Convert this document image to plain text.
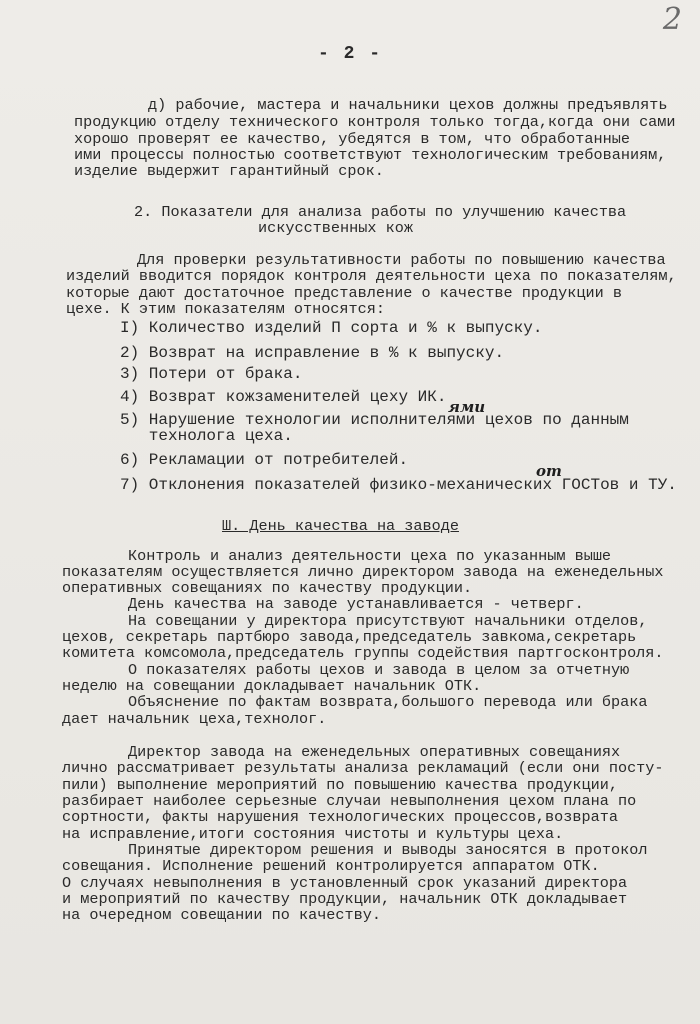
2
- 2 -
д) рабочие, мастера и начальники цехов должны предъявлять
продукцию отделу технического контроля только тогда,когда они сами
хорошо проверят ее качество, убедятся в том, что обработанные
ими процессы полностью соответствуют технологическим требованиям,
изделие выдержит гарантийный срок.
2. Показатели для анализа работы по улучшению качества
искусственных кож
Для проверки результативности работы по повышению качества
изделий вводится порядок контроля деятельности цеха по показателям,
которые дают достаточное представление о качестве продукции в
цехе. К этим показателям относятся:
I) Количество изделий П сорта и % к выпуску.
2) Возврат на исправление в % к выпуску.
3) Потери от брака.
4) Возврат кожзаменителей цеху ИК.
5) Нарушение технологии исполнителями цехов по данным
технолога цеха.
6) Рекламации от потребителей.
7) Отклонения показателей физико-механических ГОСТов и ТУ.
ями
от
Ш. День качества на заводе
Контроль и анализ деятельности цеха по указанным выше
показателям осуществляется лично директором завода на еженедельных
оперативных совещаниях по качеству продукции.
День качества на заводе устанавливается - четверг.
На совещании у директора присутствуют начальники отделов,
цехов, секретарь партбюро завода,председатель завкома,секретарь
комитета комсомола,председатель группы содействия партгосконтроля.
О показателях работы цехов и завода в целом за отчетную
неделю на совещании докладывает начальник ОТК.
Объяснение по фактам возврата,большого перевода или брака
дает начальник цеха,технолог.
Директор завода на еженедельных оперативных совещаниях
лично рассматривает результаты анализа рекламаций (если они посту-
пили) выполнение мероприятий по повышению качества продукции,
разбирает наиболее серьезные случаи невыполнения цехом плана по
сортности, факты нарушения технологических процессов,возврата
на исправление,итоги состояния чистоты и культуры цеха.
Принятые директором решения и выводы заносятся в протокол
совещания. Исполнение решений контролируется аппаратом ОТК.
О случаях невыполнения в установленный срок указаний директора
и мероприятий по качеству продукции, начальник ОТК докладывает
на очередном совещании по качеству.
